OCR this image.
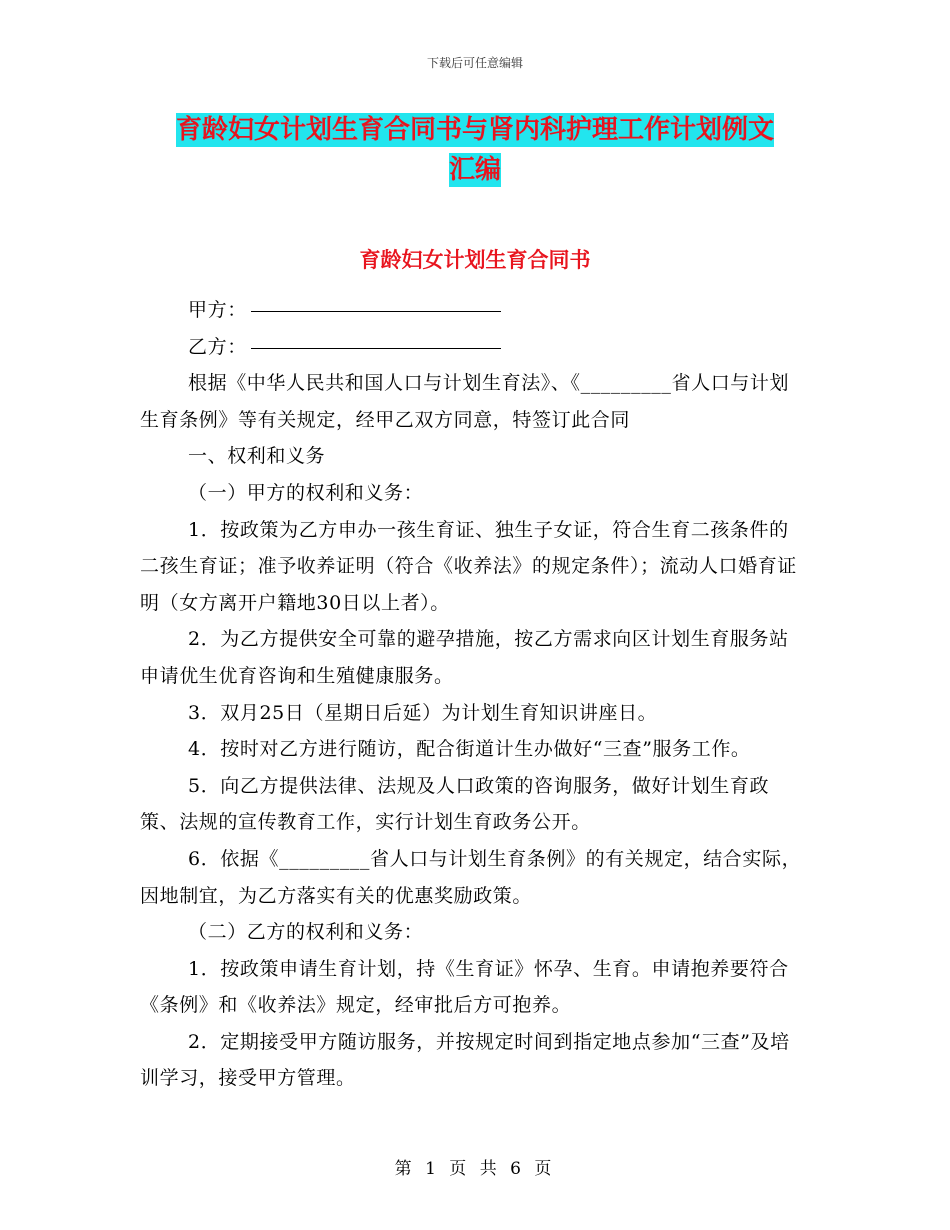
下载后可任意编辑
育龄妇女计划生育合同书与肾内科护理工作计划例文
汇编
育龄妇女计划生育合同书

甲方：

乙方：

根据《中华人民共和国人口与计划生育法》、《_________省人口与计划生育条例》等有关规定，经甲乙双方同意，特签订此合同

一、权利和义务

（一）甲方的权利和义务：

1．按政策为乙方申办一孩生育证、独生子女证，符合生育二孩条件的二孩生育证；准予收养证明（符合《收养法》的规定条件）；流动人口婚育证明（女方离开户籍地30日以上者）。

2．为乙方提供安全可靠的避孕措施，按乙方需求向区计划生育服务站申请优生优育咨询和生殖健康服务。

3．双月25日（星期日后延）为计划生育知识讲座日。

4．按时对乙方进行随访，配合街道计生办做好“三查”服务工作。

5．向乙方提供法律、法规及人口政策的咨询服务，做好计划生育政策、法规的宣传教育工作，实行计划生育政务公开。

6．依据《_________省人口与计划生育条例》的有关规定，结合实际，因地制宜，为乙方落实有关的优惠奖励政策。

（二）乙方的权利和义务：

1．按政策申请生育计划，持《生育证》怀孕、生育。申请抱养要符合《条例》和《收养法》规定，经审批后方可抱养。

2．定期接受甲方随访服务，并按规定时间到指定地点参加“三查”及培训学习，接受甲方管理。

第 1 页 共 6 页
